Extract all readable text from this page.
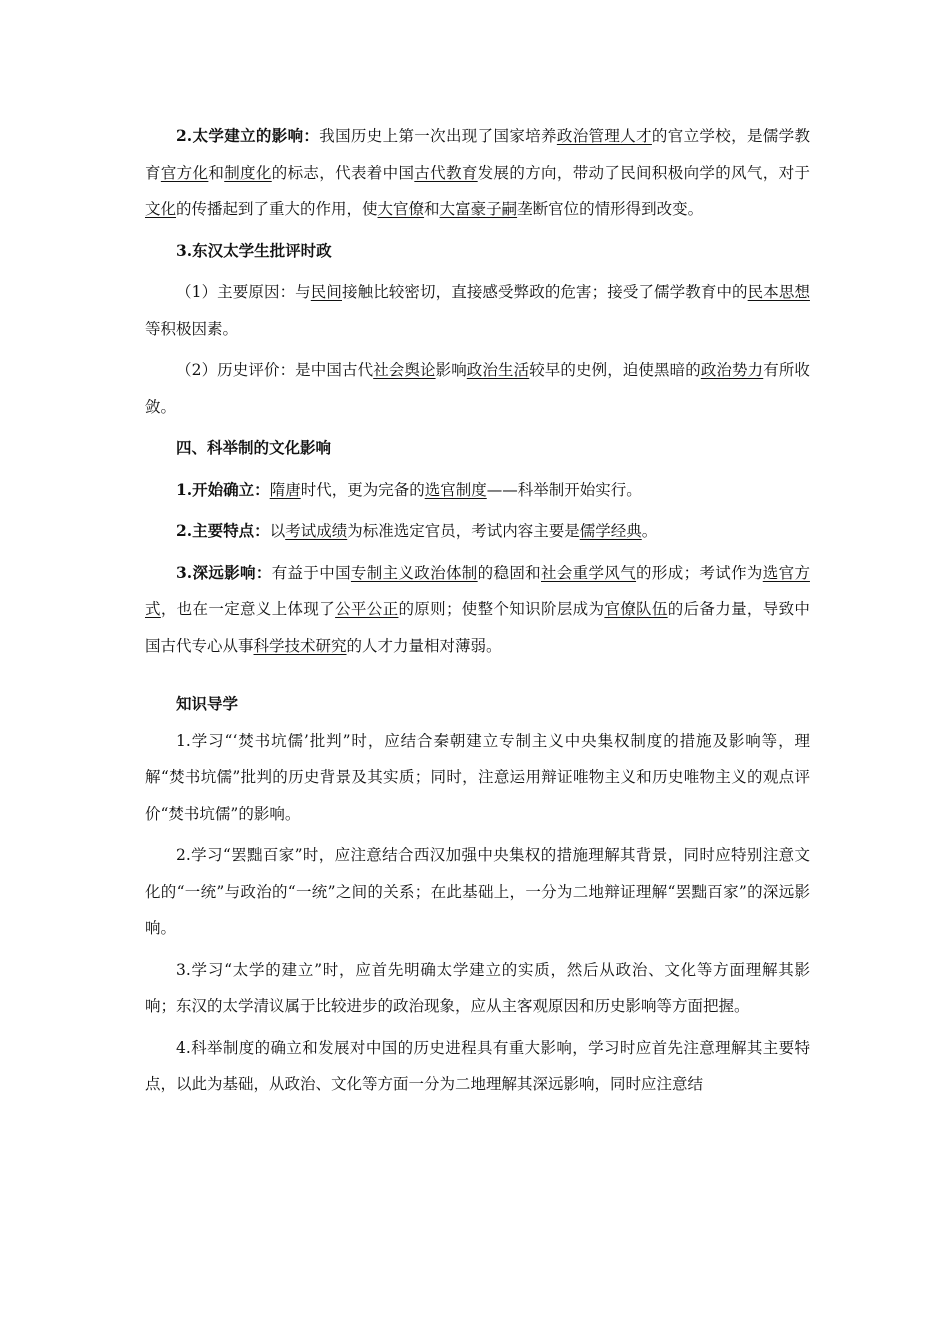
2.太学建立的影响：我国历史上第一次出现了国家培养政治管理人才的官立学校，是儒学教育官方化和制度化的标志，代表着中国古代教育发展的方向，带动了民间积极向学的风气，对于文化的传播起到了重大的作用，使大官僚和大富豪子嗣垄断官位的情形得到改变。

3.东汉太学生批评时政

（1）主要原因：与民间接触比较密切，直接感受弊政的危害；接受了儒学教育中的民本思想等积极因素。

（2）历史评价：是中国古代社会舆论影响政治生活较早的史例，迫使黑暗的政治势力有所收敛。

四、科举制的文化影响

1.开始确立：隋唐时代，更为完备的选官制度——科举制开始实行。

2.主要特点：以考试成绩为标准选定官员，考试内容主要是儒学经典。

3.深远影响：有益于中国专制主义政治体制的稳固和社会重学风气的形成；考试作为选官方式，也在一定意义上体现了公平公正的原则；使整个知识阶层成为官僚队伍的后备力量，导致中国古代专心从事科学技术研究的人才力量相对薄弱。

知识导学

1.学习“‘焚书坑儒’批判”时，应结合秦朝建立专制主义中央集权制度的措施及影响等，理解“焚书坑儒”批判的历史背景及其实质；同时，注意运用辩证唯物主义和历史唯物主义的观点评价“焚书坑儒”的影响。

2.学习“罢黜百家”时，应注意结合西汉加强中央集权的措施理解其背景，同时应特别注意文化的“一统”与政治的“一统”之间的关系；在此基础上，一分为二地辩证理解“罢黜百家”的深远影响。

3.学习“太学的建立”时，应首先明确太学建立的实质，然后从政治、文化等方面理解其影响；东汉的太学清议属于比较进步的政治现象，应从主客观原因和历史影响等方面把握。

4.科举制度的确立和发展对中国的历史进程具有重大影响，学习时应首先注意理解其主要特点，以此为基础，从政治、文化等方面一分为二地理解其深远影响，同时应注意结
